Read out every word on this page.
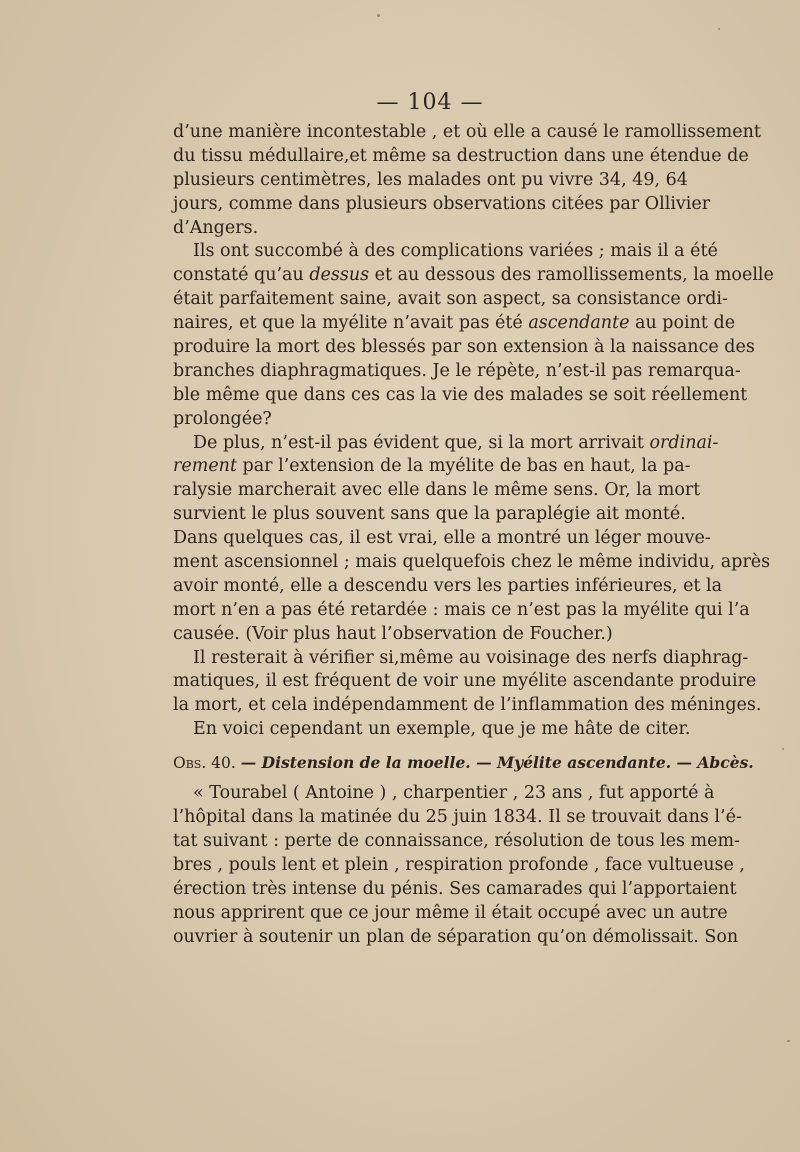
— 104 —
d’une manière incontestable , et où elle a causé le ramollissement
du tissu médullaire,et même sa destruction dans une étendue de
plusieurs centimètres, les malades ont pu vivre 34, 49, 64
jours, comme dans plusieurs observations citées par Ollivier
d’Angers.
Ils ont succombé à des complications variées ; mais il a été
constaté qu’au dessus et au dessous des ramollissements, la moelle
était parfaitement saine, avait son aspect, sa consistance ordi-
naires, et que la myélite n’avait pas été ascendante au point de
produire la mort des blessés par son extension à la naissance des
branches diaphragmatiques. Je le répète, n’est-il pas remarqua-
ble même que dans ces cas la vie des malades se soit réellement
prolongée?
De plus, n’est-il pas évident que, si la mort arrivait ordinai-
rement par l’extension de la myélite de bas en haut, la pa-
ralysie marcherait avec elle dans le même sens. Or, la mort
survient le plus souvent sans que la paraplégie ait monté.
Dans quelques cas, il est vrai, elle a montré un léger mouve-
ment ascensionnel ; mais quelquefois chez le même individu, après
avoir monté, elle a descendu vers les parties inférieures, et la
mort n’en a pas été retardée : mais ce n’est pas la myélite qui l’a
causée. (Voir plus haut l’observation de Foucher.)
Il resterait à vérifier si,même au voisinage des nerfs diaphrag-
matiques, il est fréquent de voir une myélite ascendante produire
la mort, et cela indépendamment de l’inflammation des méninges.
En voici cependant un exemple, que je me hâte de citer.
Obs. 40. — Distension de la moelle. — Myélite ascendante. — Abcès.
« Tourabel ( Antoine ) , charpentier , 23 ans , fut apporté à
l’hôpital dans la matinée du 25 juin 1834. Il se trouvait dans l’é-
tat suivant : perte de connaissance, résolution de tous les mem-
bres , pouls lent et plein , respiration profonde , face vultueuse ,
érection très intense du pénis. Ses camarades qui l’apportaient
nous apprirent que ce jour même il était occupé avec un autre
ouvrier à soutenir un plan de séparation qu’on démolissait. Son
